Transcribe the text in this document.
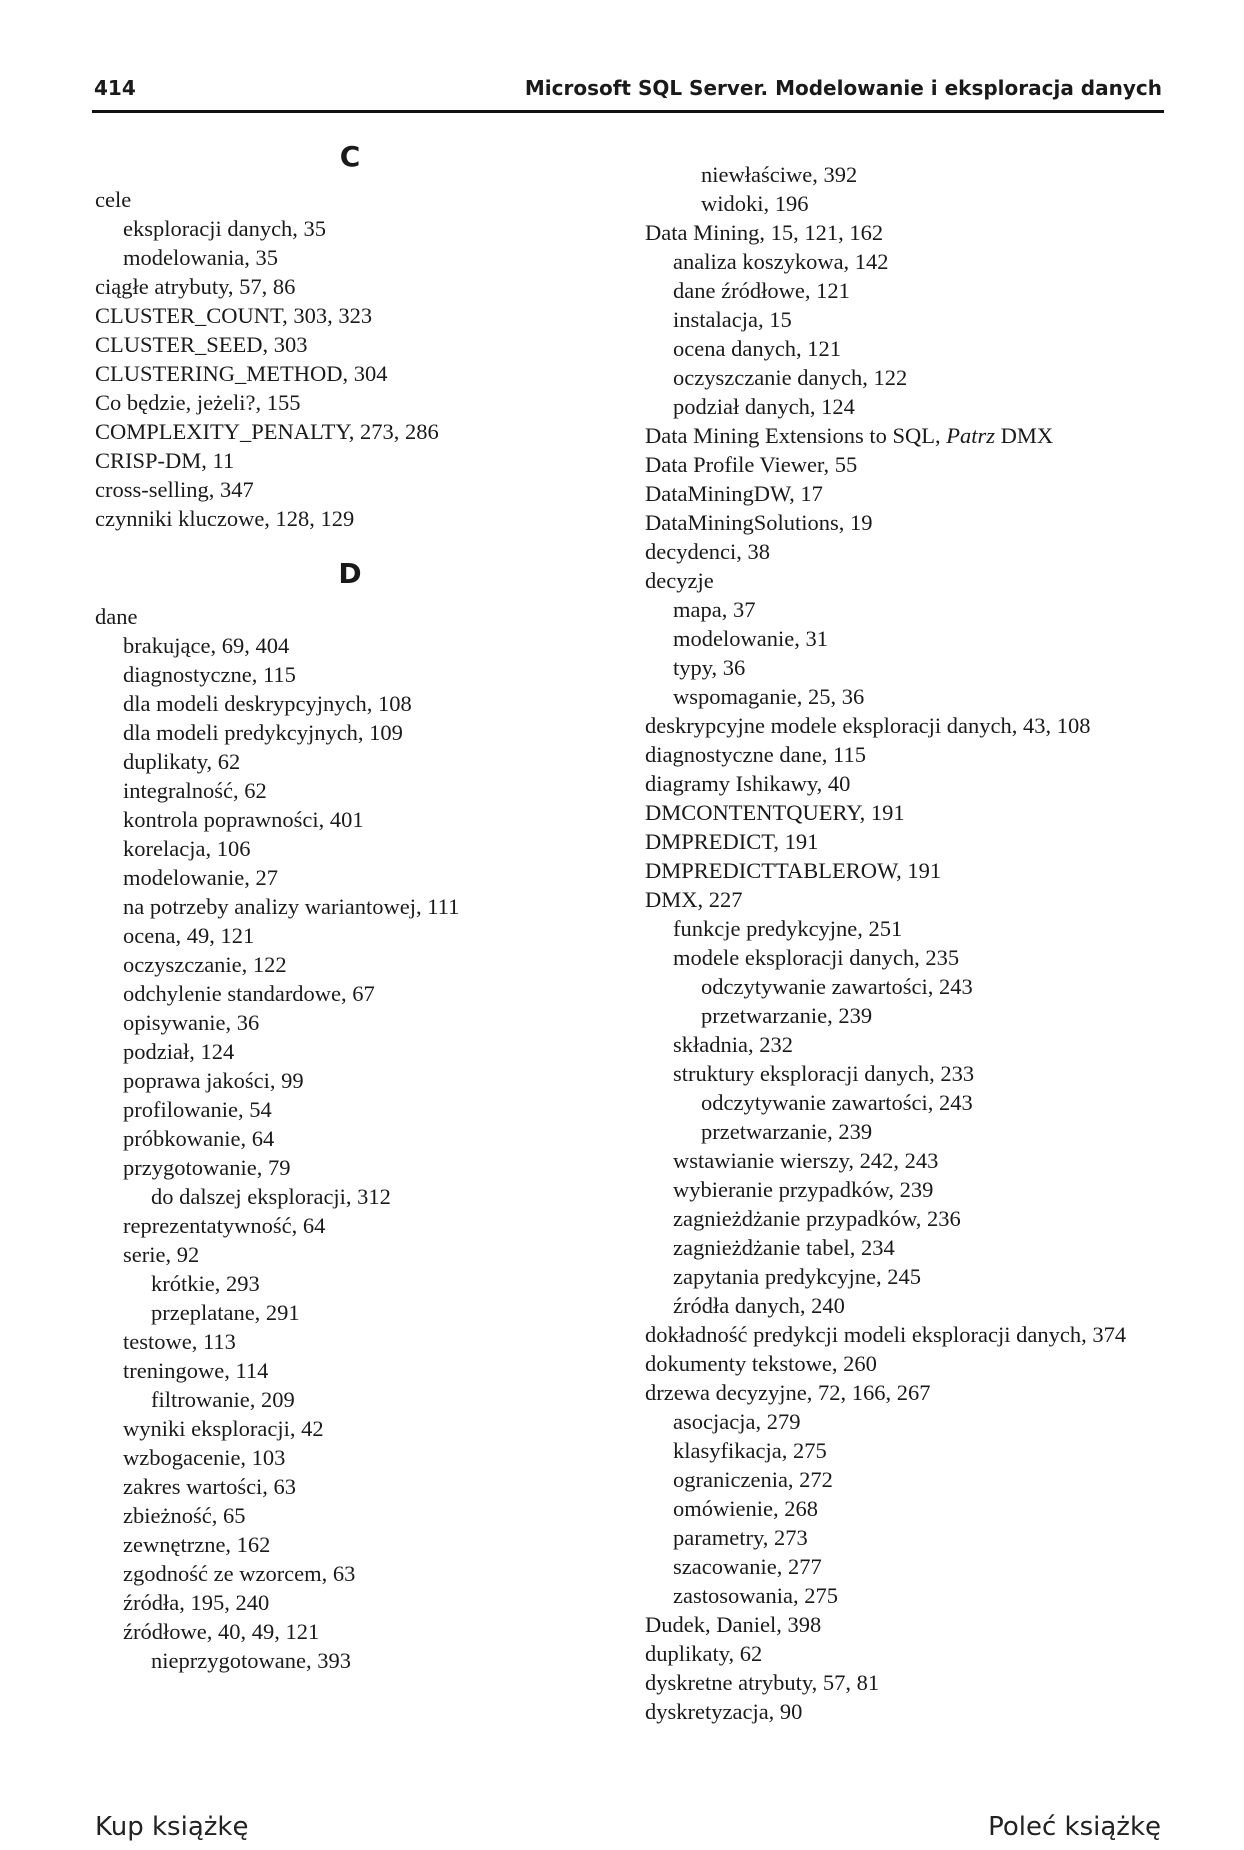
414	Microsoft SQL Server. Modelowanie i eksploracja danych
C
cele
eksploracji danych, 35
modelowania, 35
ciągłe atrybuty, 57, 86
CLUSTER_COUNT, 303, 323
CLUSTER_SEED, 303
CLUSTERING_METHOD, 304
Co będzie, jeżeli?, 155
COMPLEXITY_PENALTY, 273, 286
CRISP-DM, 11
cross-selling, 347
czynniki kluczowe, 128, 129
D
dane
brakujące, 69, 404
diagnostyczne, 115
dla modeli deskrypcyjnych, 108
dla modeli predykcyjnych, 109
duplikaty, 62
integralność, 62
kontrola poprawności, 401
korelacja, 106
modelowanie, 27
na potrzeby analizy wariantowej, 111
ocena, 49, 121
oczyszczanie, 122
odchylenie standardowe, 67
opisywanie, 36
podział, 124
poprawa jakości, 99
profilowanie, 54
próbkowanie, 64
przygotowanie, 79
do dalszej eksploracji, 312
reprezentatywność, 64
serie, 92
krótkie, 293
przeplatane, 291
testowe, 113
treningowe, 114
filtrowanie, 209
wyniki eksploracji, 42
wzbogacenie, 103
zakres wartości, 63
zbieżność, 65
zewnętrzne, 162
zgodność ze wzorcem, 63
źródła, 195, 240
źródłowe, 40, 49, 121
nieprzygotowane, 393
niewłaściwe, 392
widoki, 196
Data Mining, 15, 121, 162
analiza koszykowa, 142
dane źródłowe, 121
instalacja, 15
ocena danych, 121
oczyszczanie danych, 122
podział danych, 124
Data Mining Extensions to SQL, Patrz DMX
Data Profile Viewer, 55
DataMiningDW, 17
DataMiningSolutions, 19
decydenci, 38
decyzje
mapa, 37
modelowanie, 31
typy, 36
wspomaganie, 25, 36
deskrypcyjne modele eksploracji danych, 43, 108
diagnostyczne dane, 115
diagramy Ishikawy, 40
DMCONTENTQUERY, 191
DMPREDICT, 191
DMPREDICTTABLEROW, 191
DMX, 227
funkcje predykcyjne, 251
modele eksploracji danych, 235
odczytywanie zawartości, 243
przetwarzanie, 239
składnia, 232
struktury eksploracji danych, 233
odczytywanie zawartości, 243
przetwarzanie, 239
wstawianie wierszy, 242, 243
wybieranie przypadków, 239
zagnieżdżanie przypadków, 236
zagnieżdżanie tabel, 234
zapytania predykcyjne, 245
źródła danych, 240
dokładność predykcji modeli eksploracji danych, 374
dokumenty tekstowe, 260
drzewa decyzyjne, 72, 166, 267
asocjacja, 279
klasyfikacja, 275
ograniczenia, 272
omówienie, 268
parametry, 273
szacowanie, 277
zastosowania, 275
Dudek, Daniel, 398
duplikaty, 62
dyskretne atrybuty, 57, 81
dyskretyzacja, 90
Kup książkę	Poleć książkę
